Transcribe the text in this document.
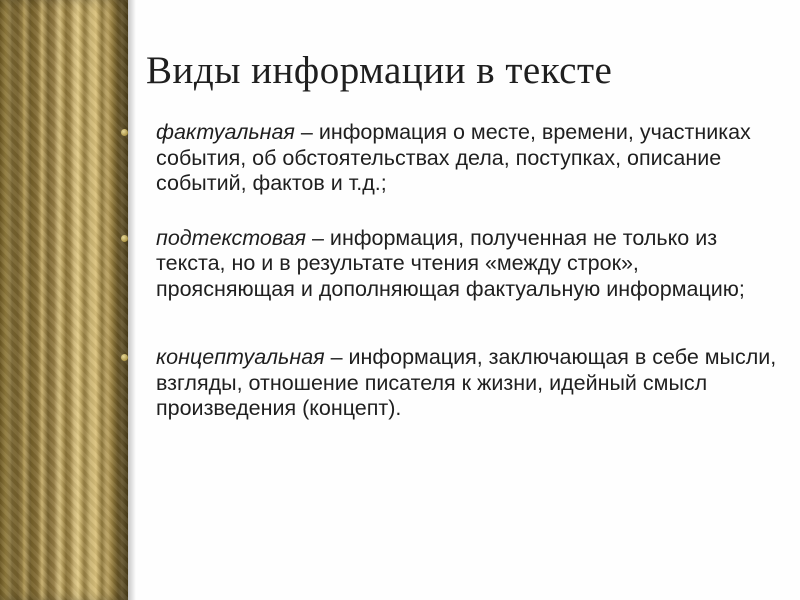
Виды информации в тексте
фактуальная – информация о месте, времени, участниках события, об обстоятельствах дела, поступках, описание событий, фактов и т.д.;
подтекстовая – информация, полученная не только из текста, но и в результате чтения «между строк», проясняющая и дополняющая фактуальную информацию;
концептуальная – информация, заключающая в себе мысли, взгляды, отношение писателя к жизни, идейный смысл произведения (концепт).
